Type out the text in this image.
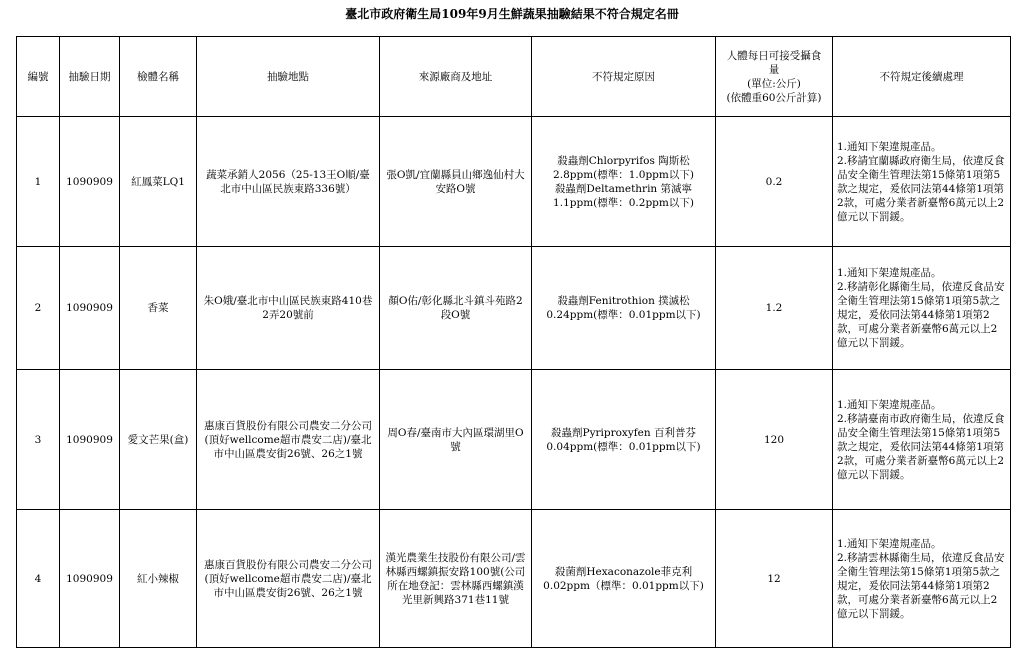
臺北市政府衛生局109年9月生鮮蔬果抽驗結果不符合規定名冊
編號	抽驗日期	檢體名稱	抽驗地點	來源廠商及地址	不符規定原因	人體每日可接受攝食
量
(單位:公斤)
(依體重60公斤計算)	不符規定後續處理
1	1090909	紅鳳菜LQ1	蔬菜承銷人2056（25-13王O順/臺北市中山區民族東路336號）	張O凱/宜蘭縣員山鄉逸仙村大安路O號	殺蟲劑Chlorpyrifos 陶斯松
2.8ppm(標準：1.0ppm以下)
殺蟲劑Deltamethrin 第滅寧
1.1ppm(標準：0.2ppm以下)	0.2	1.通知下架違規產品。
2.移請宜蘭縣政府衛生局，依違反食品安全衛生管理法第15條第1項第5款之規定，爰依同法第44條第1項第2款，可處分業者新臺幣6萬元以上2億元以下罰鍰。

2	1090909	香菜	朱O娥/臺北市中山區民族東路410巷2弄20號前	顏O佑/彰化縣北斗鎮斗苑路2段O號	殺蟲劑Fenitrothion 撲滅松
0.24ppm(標準：0.01ppm以下)	1.2	1.通知下架違規產品。
2.移請彰化縣衛生局，依違反食品安全衛生管理法第15條第1項第5款之規定，爰依同法第44條第1項第2款，可處分業者新臺幣6萬元以上2億元以下罰鍰。

3	1090909	愛文芒果(盒)	惠康百貨股份有限公司農安二分公司(頂好wellcome超市農安二店)/臺北市中山區農安街26號、26之1號	周O春/臺南市大內區環湖里O號	殺蟲劑Pyriproxyfen 百利普芬
0.04ppm(標準：0.01ppm以下)	120	1.通知下架違規產品。
2.移請臺南市政府衛生局，依違反食品安全衛生管理法第15條第1項第5款之規定，爰依同法第44條第1項第2款，可處分業者新臺幣6萬元以上2億元以下罰鍰。

4	1090909	紅小辣椒	惠康百貨股份有限公司農安二分公司(頂好wellcome超市農安二店)/臺北市中山區農安街26號、26之1號	漢光農業生技股份有限公司/雲林縣西螺鎮振安路100號(公司所在地登記：雲林縣西螺鎮漢光里新興路371巷11號	殺菌劑Hexaconazole菲克利
0.02ppm（標準：0.01ppm以下)	12	1.通知下架違規產品。
2.移請雲林縣衛生局，依違反食品安全衛生管理法第15條第1項第5款之規定，爰依同法第44條第1項第2款，可處分業者新臺幣6萬元以上2億元以下罰鍰。
